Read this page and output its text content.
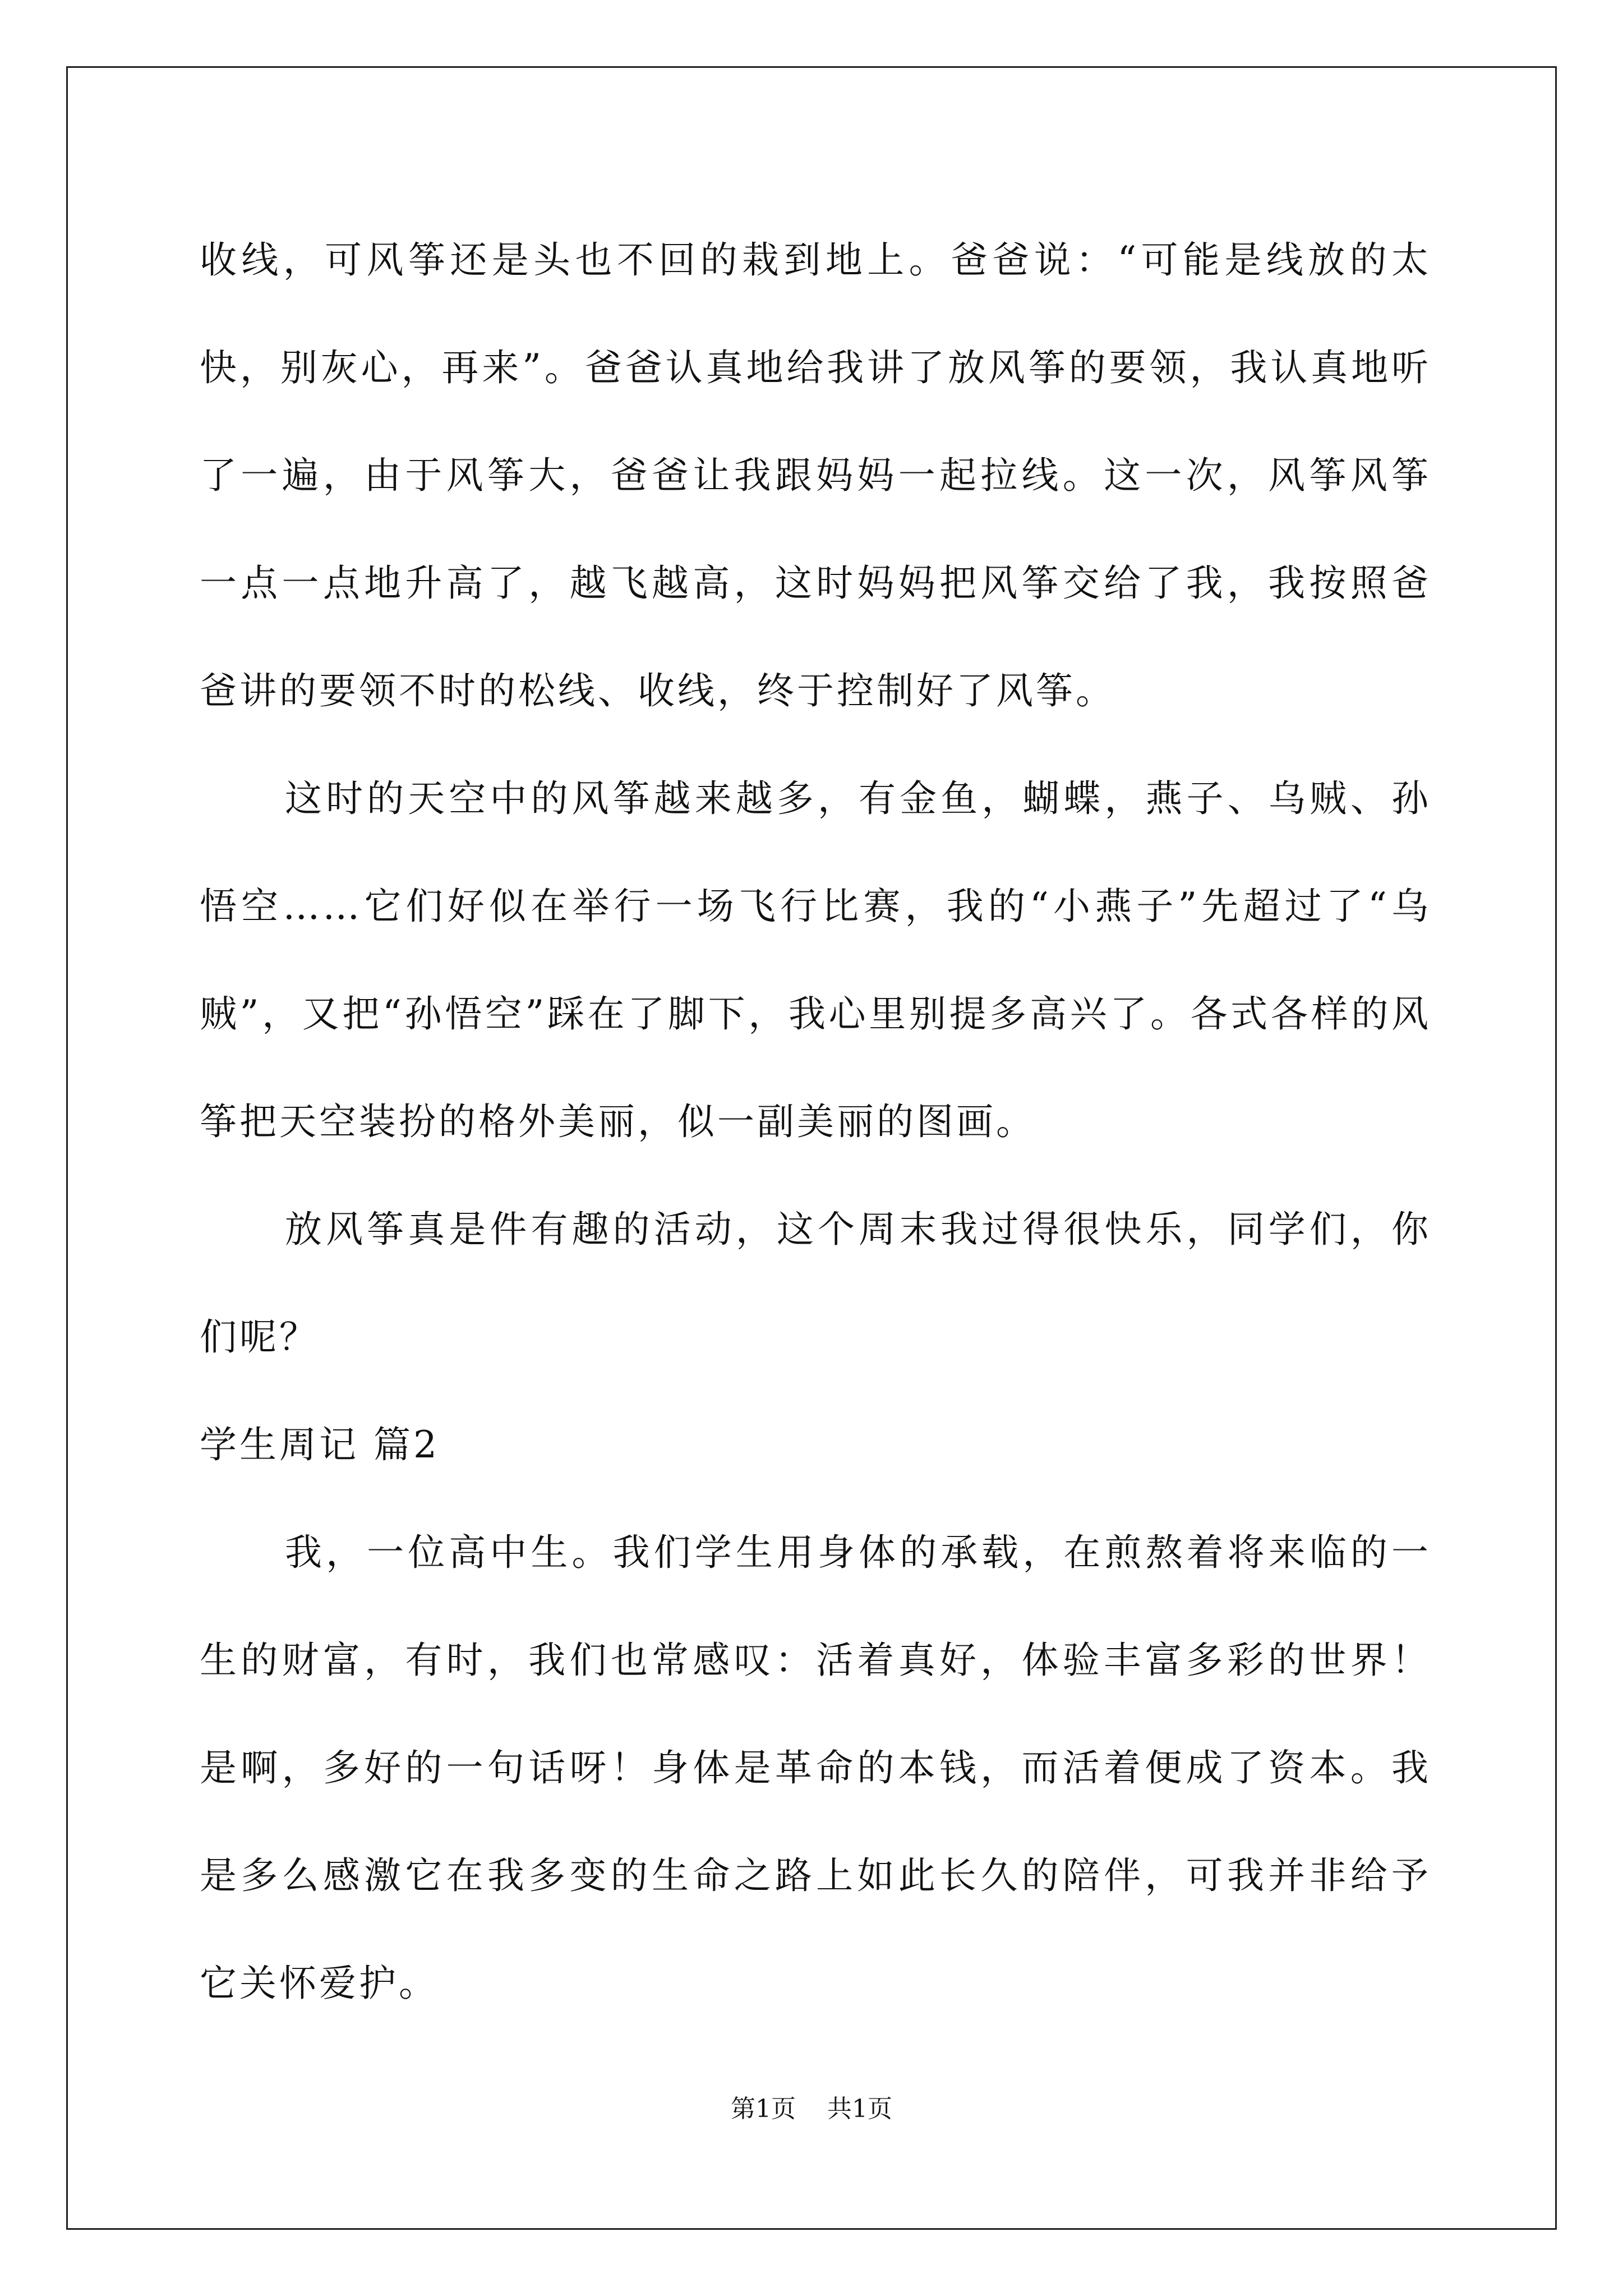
收线，可风筝还是头也不回的栽到地上。爸爸说：“可能是线放的太快，别灰心，再来”。爸爸认真地给我讲了放风筝的要领，我认真地听了一遍，由于风筝大，爸爸让我跟妈妈一起拉线。这一次，风筝风筝一点一点地升高了，越飞越高，这时妈妈把风筝交给了我，我按照爸爸讲的要领不时的松线、收线，终于控制好了风筝。

这时的天空中的风筝越来越多，有金鱼，蝴蝶，燕子、乌贼、孙悟空……它们好似在举行一场飞行比赛，我的“小燕子”先超过了“乌贼”，又把“孙悟空”踩在了脚下，我心里别提多高兴了。各式各样的风筝把天空装扮的格外美丽，似一副美丽的图画。

放风筝真是件有趣的活动，这个周末我过得很快乐，同学们，你们呢？

学生周记 篇2

我，一位高中生。我们学生用身体的承载，在煎熬着将来临的一生的财富，有时，我们也常感叹：活着真好，体验丰富多彩的世界！是啊，多好的一句话呀！身体是革命的本钱，而活着便成了资本。我是多么感激它在我多变的生命之路上如此长久的陪伴，可我并非给予它关怀爱护。

第1页 共1页
